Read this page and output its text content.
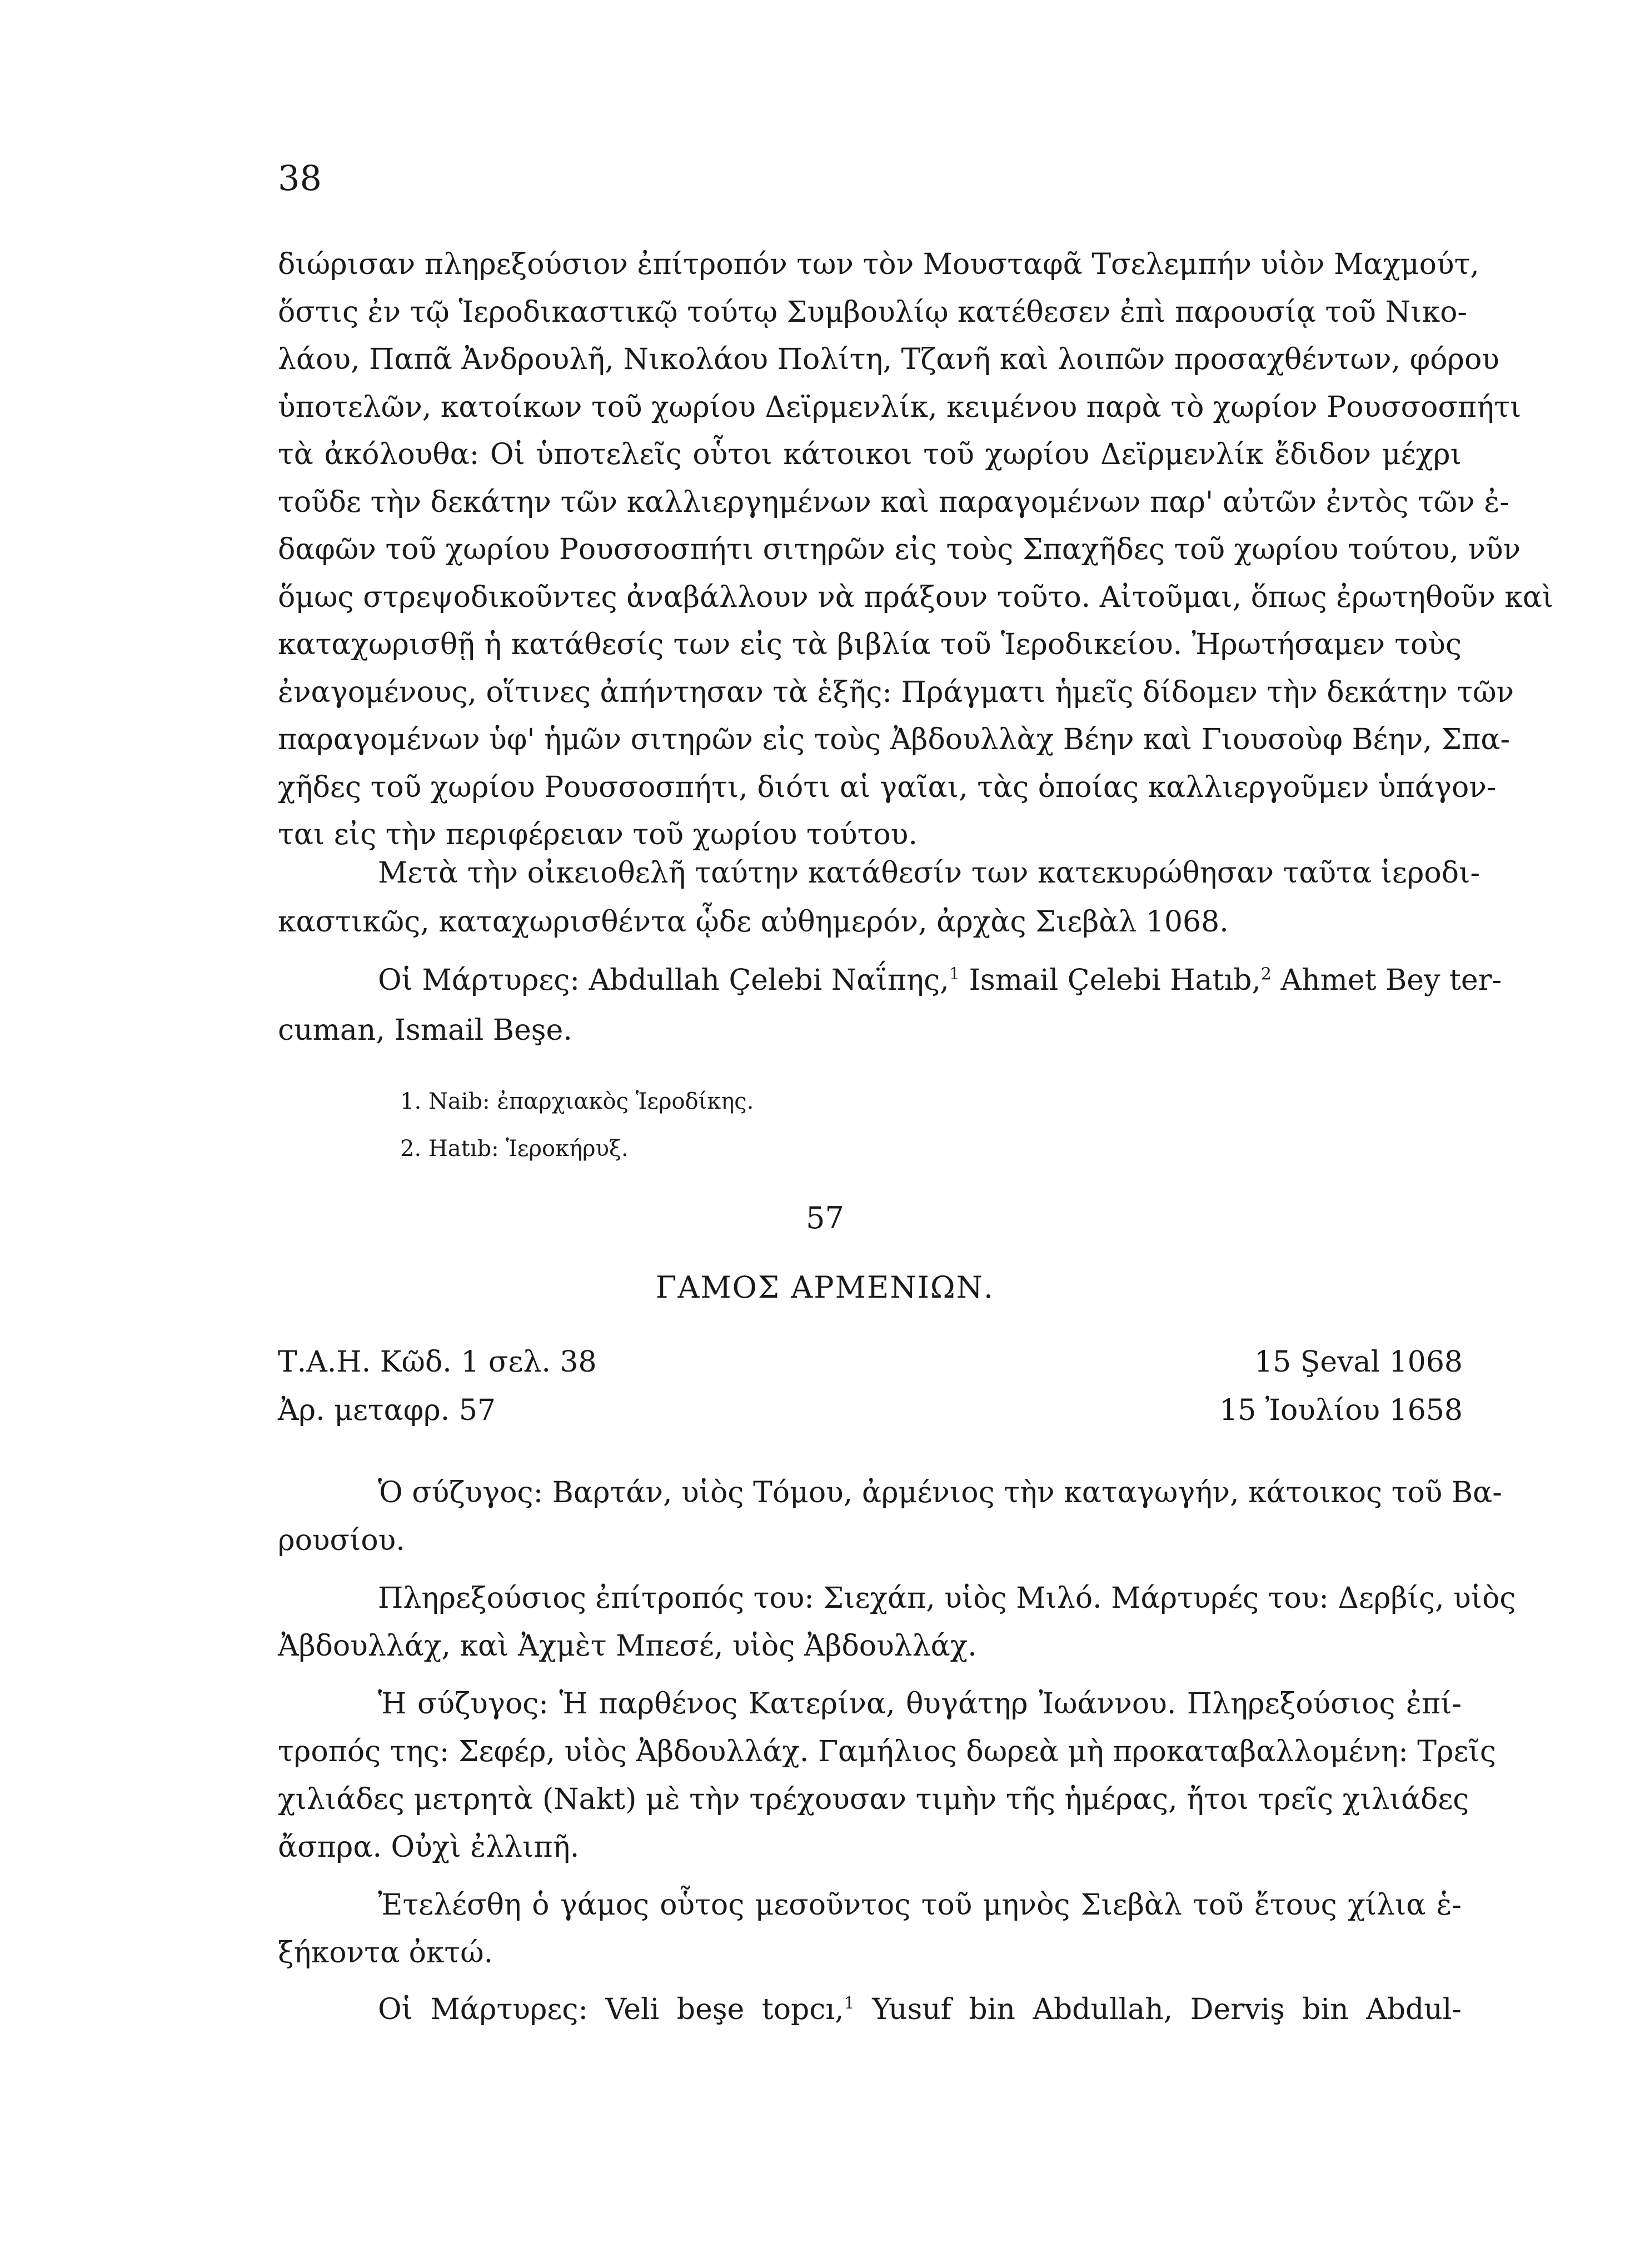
38
διώρισαν πληρεξούσιον ἐπίτροπόν των τὸν Μουσταφᾶ Τσελεμπήν υἱὸν Μαχμούτ,
ὅστις ἐν τῷ Ἱεροδικαστικῷ τούτῳ Συμβουλίῳ κατέθεσεν ἐπὶ παρουσίᾳ τοῦ Νικο-
λάου, Παπᾶ Ἀνδρουλῆ, Νικολάου Πολίτη, Τζανῆ καὶ λοιπῶν προσαχθέντων, φόρου
ὑποτελῶν, κατοίκων τοῦ χωρίου Δεϊρμενλίκ, κειμένου παρὰ τὸ χωρίον Ρουσσοσπήτι
τὰ ἀκόλουθα: Οἱ ὑποτελεῖς οὗτοι κάτοικοι τοῦ χωρίου Δεϊρμενλίκ ἔδιδον μέχρι
τοῦδε τὴν δεκάτην τῶν καλλιεργημένων καὶ παραγομένων παρ' αὐτῶν ἐντὸς τῶν ἐ-
δαφῶν τοῦ χωρίου Ρουσσοσπήτι σιτηρῶν εἰς τοὺς Σπαχῆδες τοῦ χωρίου τούτου, νῦν
ὅμως στρεψοδικοῦντες ἀναβάλλουν νὰ πράξουν τοῦτο. Αἰτοῦμαι, ὅπως ἐρωτηθοῦν καὶ
καταχωρισθῇ ἡ κατάθεσίς των εἰς τὰ βιβλία τοῦ Ἱεροδικείου. Ἠρωτήσαμεν τοὺς
ἐναγομένους, οἵτινες ἀπήντησαν τὰ ἑξῆς: Πράγματι ἡμεῖς δίδομεν τὴν δεκάτην τῶν
παραγομένων ὑφ' ἡμῶν σιτηρῶν εἰς τοὺς Ἀβδουλλὰχ Βέην καὶ Γιουσοὺφ Βέην, Σπα-
χῆδες τοῦ χωρίου Ρουσσοσπήτι, διότι αἱ γαῖαι, τὰς ὁποίας καλλιεργοῦμεν ὑπάγον-
ται εἰς τὴν περιφέρειαν τοῦ χωρίου τούτου.
Μετὰ τὴν οἰκειοθελῆ ταύτην κατάθεσίν των κατεκυρώθησαν ταῦτα ἱεροδι-
καστικῶς, καταχωρισθέντα ᾧδε αὐθημερόν, ἀρχὰς Σιεβὰλ 1068.
Οἱ Μάρτυρες: Abdullah Çelebi Ναΐπης,$^1$ Ismail Çelebi Hatıb,$^2$ Ahmet Bey ter-
cuman, Ismail Beşe.
1. Naib: ἐπαρχιακὸς Ἱεροδίκης.
2. Hatıb: Ἱεροκήρυξ.
57
ΓΑΜΟΣ ΑΡΜΕΝΙΩΝ.
Τ.Α.Η. Κῶδ. 1 σελ. 38	15 Şeval 1068
Ἀρ. μεταφρ. 57	15 Ἰουλίου 1658
Ὁ σύζυγος: Βαρτάν, υἱὸς Τόμου, ἀρμένιος τὴν καταγωγήν, κάτοικος τοῦ Βα-
ρουσίου.
Πληρεξούσιος ἐπίτροπός του: Σιεχάπ, υἱὸς Μιλό. Μάρτυρές του: Δερβίς, υἱὸς
Ἀβδουλλάχ, καὶ Ἀχμὲτ Μπεσέ, υἱὸς Ἀβδουλλάχ.
Ἡ σύζυγος: Ἡ παρθένος Κατερίνα, θυγάτηρ Ἰωάννου. Πληρεξούσιος ἐπί-
τροπός της: Σεφέρ, υἱὸς Ἀβδουλλάχ. Γαμήλιος δωρεὰ μὴ προκαταβαλλομένη: Τρεῖς
χιλιάδες μετρητὰ (Nakt) μὲ τὴν τρέχουσαν τιμὴν τῆς ἡμέρας, ἤτοι τρεῖς χιλιάδες
ἄσπρα. Οὐχὶ ἐλλιπῆ.
Ἐτελέσθη ὁ γάμος οὗτος μεσοῦντος τοῦ μηνὸς Σιεβὰλ τοῦ ἔτους χίλια ἑ-
ξήκοντα ὀκτώ.
Οἱ Μάρτυρες: Veli beşe topcı,$^1$ Yusuf bin Abdullah, Derviş bin Abdul-
